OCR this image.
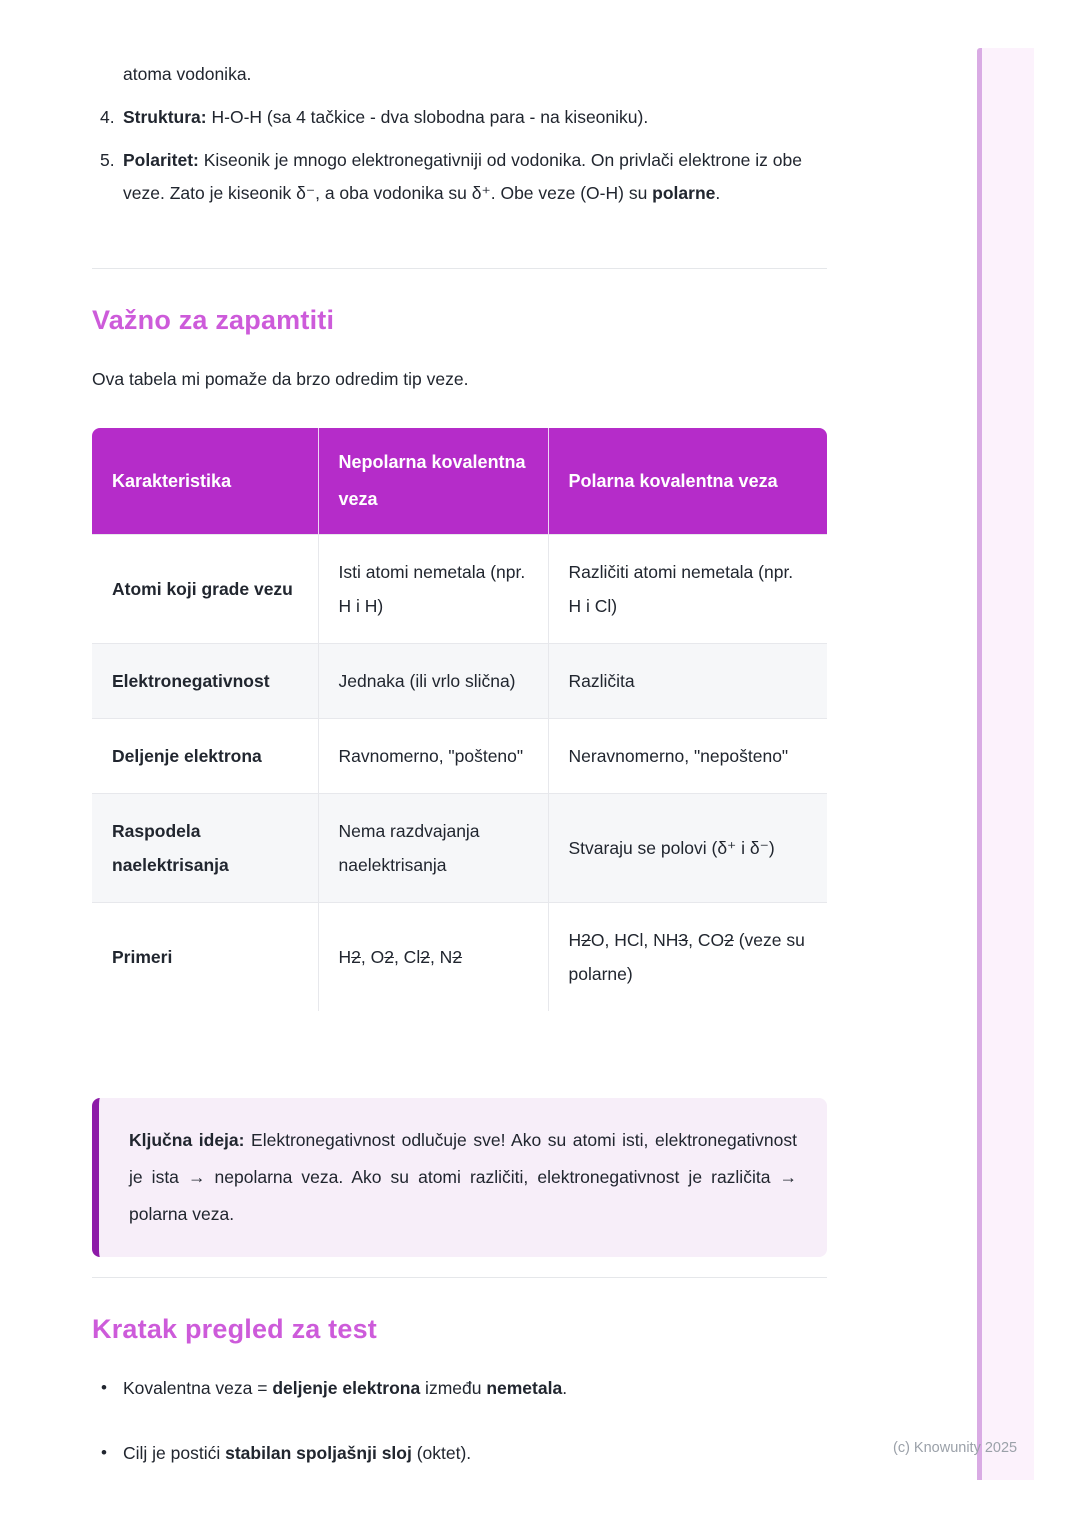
atoma vodonika.
4. Struktura: H-O-H (sa 4 tačkice - dva slobodna para - na kiseoniku).
5. Polaritet: Kiseonik je mnogo elektronegativniji od vodonika. On privlači elektrone iz obe veze. Zato je kiseonik δ⁻, a oba vodonika su δ⁺. Obe veze (O-H) su polarne.
Važno za zapamtiti

Ova tabela mi pomaže da brzo odredim tip veze.

Karakteristika	Nepolarna kovalentna veza	Polarna kovalentna veza
Atomi koji grade vezu	Isti atomi nemetala (npr. H i H)	Različiti atomi nemetala (npr. H i Cl)
Elektronegativnost	Jednaka (ili vrlo slična)	Različita
Deljenje elektrona	Ravnomerno, "pošteno"	Neravnomerno, "nepošteno"
Raspodela naelektrisanja	Nema razdvajanja naelektrisanja	Stvaraju se polovi (δ⁺ i δ⁻)
Primeri	H2, O2, Cl2, N2	H2O, HCl, NH3, CO2 (veze su polarne)
Ključna ideja: Elektronegativnost odlučuje sve! Ako su atomi isti, elektronegativnost je ista → nepolarna veza. Ako su atomi različiti, elektronegativnost je različita → polarna veza.
Kratak pregled za test
• Kovalentna veza = deljenje elektrona između nemetala.
• Cilj je postići stabilan spoljašnji sloj (oktet).	(c) Knowunity 2025
